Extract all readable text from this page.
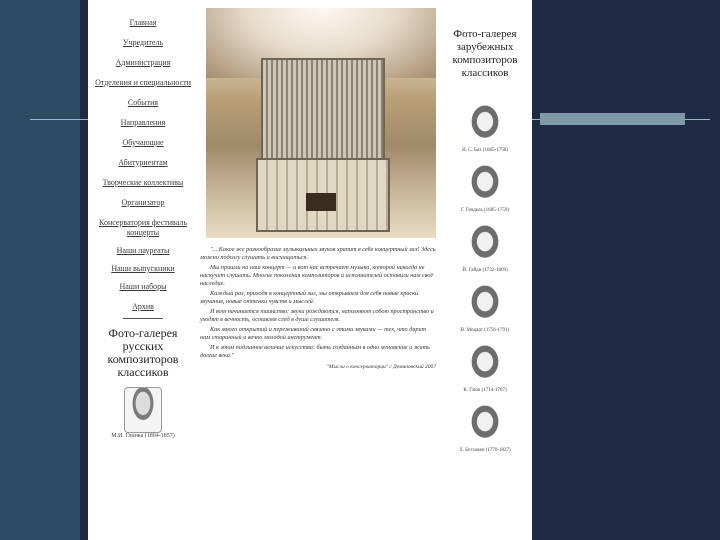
Главная
Учредитель
Администрация
Отделения и специальности
События
Направления
Обучающие
Абитуриентам
Творческие коллективы
Организатор
Консерватория фестиваль концерты
Наши лауреаты
Наши выпускники
Наши наборы
Архив
Фото-галерея русских композиторов классиков
М.И. Глинка (1804-1857)

"... Какое же разнообразие музыкальных звуков храпит в себе концертный зал! Здесь можно подолгу слушать и восхищаться.

Мы пришли на наш концерт — и вот нас встречает музыка, которой никогда не наскучит слушать. Многие поколения композиторов и исполнителей оставили нам своё наследие.

Каждый раз, приходя в концертный зал, мы открываем для себя новые краски звучания, новые оттенки чувств и мыслей.

И вот начинается таинство: звуки рождаются, наполняют собою пространство и уходят в вечность, оставляя след в душе слушателя.

Как много открытий и переживаний связано с этими звуками — тех, что дарит нам старинный и вечно молодой инструмент.

И в этом подлинное величие искусства: быть созданным в одно мгновение и жить долгие века."

"Мысли о консерватории" с Деминовский 2007
Фото-галерея зарубежных композиторов классиков
И. С. Бах (1685-1750)
Г. Гендель (1685-1759)
Й. Гайдн (1732-1809)
В. Моцарт (1756-1791)
К. Глюк (1714-1787)
Л. Бетховен (1770-1827)
